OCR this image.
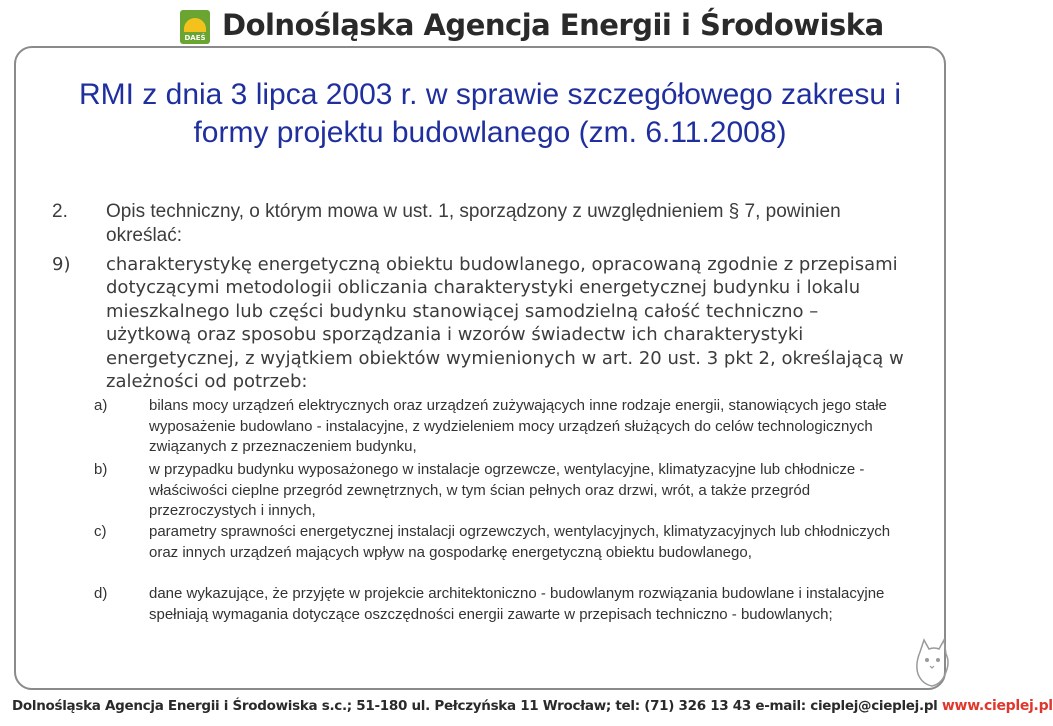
DAEŚ Dolnośląska Agencja Energii i Środowiska
RMI z dnia 3 lipca 2003 r. w sprawie szczegółowego zakresu i
formy projektu budowlanego (zm. 6.11.2008)
2. Opis techniczny, o którym mowa w ust. 1, sporządzony z uwzględnieniem § 7, powinien określać:
9) charakterystykę energetyczną obiektu budowlanego, opracowaną zgodnie z przepisami dotyczącymi metodologii obliczania charakterystyki energetycznej budynku i lokalu mieszkalnego lub części budynku stanowiącej samodzielną całość techniczno – użytkową oraz sposobu sporządzania i wzorów świadectw ich charakterystyki energetycznej, z wyjątkiem obiektów wymienionych w art. 20 ust. 3 pkt 2, określającą w zależności od potrzeb:
a)	bilans mocy urządzeń elektrycznych oraz urządzeń zużywających inne rodzaje energii, stanowiących jego stałe wyposażenie budowlano - instalacyjne, z wydzieleniem mocy urządzeń służących do celów technologicznych związanych z przeznaczeniem budynku,
b)	w przypadku budynku wyposażonego w instalacje ogrzewcze, wentylacyjne, klimatyzacyjne lub chłodnicze - właściwości cieplne przegród zewnętrznych, w tym ścian pełnych oraz drzwi, wrót, a także przegród przezroczystych i innych,
c)	parametry sprawności energetycznej instalacji ogrzewczych, wentylacyjnych, klimatyzacyjnych lub chłodniczych oraz innych urządzeń mających wpływ na gospodarkę energetyczną obiektu budowlanego,
d)	dane wykazujące, że przyjęte w projekcie architektoniczno - budowlanym rozwiązania budowlane i instalacyjne spełniają wymagania dotyczące oszczędności energii zawarte w przepisach techniczno - budowlanych;
Dolnośląska Agencja Energii i Środowiska s.c.; 51-180 ul. Pełczyńska 11 Wrocław; tel: (71) 326 13 43 e-mail: cieplej@cieplej.pl www.cieplej.pl
